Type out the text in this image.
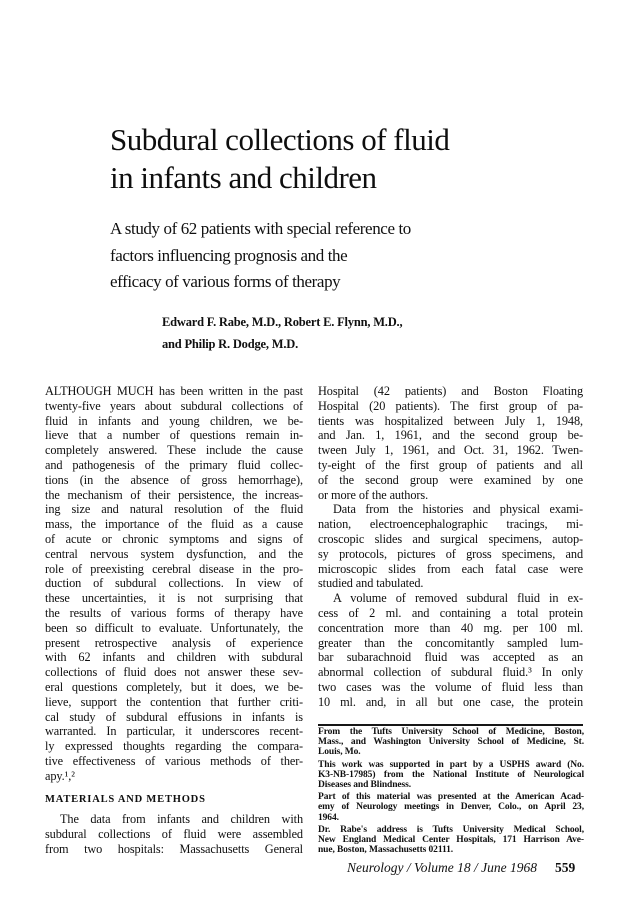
Subdural collections of fluid
in infants and children
A study of 62 patients with special reference to
factors influencing prognosis and the
efficacy of various forms of therapy
Edward F. Rabe, M.D., Robert E. Flynn, M.D.,
and Philip R. Dodge, M.D.
ALTHOUGH MUCH has been written in the past
twenty-five years about subdural collections of
fluid in infants and young children, we be-
lieve that a number of questions remain in-
completely answered. These include the cause
and pathogenesis of the primary fluid collec-
tions (in the absence of gross hemorrhage),
the mechanism of their persistence, the increas-
ing size and natural resolution of the fluid
mass, the importance of the fluid as a cause
of acute or chronic symptoms and signs of
central nervous system dysfunction, and the
role of preexisting cerebral disease in the pro-
duction of subdural collections. In view of
these uncertainties, it is not surprising that
the results of various forms of therapy have
been so difficult to evaluate. Unfortunately, the
present retrospective analysis of experience
with 62 infants and children with subdural
collections of fluid does not answer these sev-
eral questions completely, but it does, we be-
lieve, support the contention that further criti-
cal study of subdural effusions in infants is
warranted. In particular, it underscores recent-
ly expressed thoughts regarding the compara-
tive effectiveness of various methods of ther-
apy.¹,²
MATERIALS AND METHODS
The data from infants and children with
subdural collections of fluid were assembled
from two hospitals: Massachusetts General
Hospital (42 patients) and Boston Floating
Hospital (20 patients). The first group of pa-
tients was hospitalized between July 1, 1948,
and Jan. 1, 1961, and the second group be-
tween July 1, 1961, and Oct. 31, 1962. Twen-
ty-eight of the first group of patients and all
of the second group were examined by one
or more of the authors.
Data from the histories and physical exami-
nation, electroencephalographic tracings, mi-
croscopic slides and surgical specimens, autop-
sy protocols, pictures of gross specimens, and
microscopic slides from each fatal case were
studied and tabulated.
A volume of removed subdural fluid in ex-
cess of 2 ml. and containing a total protein
concentration more than 40 mg. per 100 ml.
greater than the concomitantly sampled lum-
bar subarachnoid fluid was accepted as an
abnormal collection of subdural fluid.³ In only
two cases was the volume of fluid less than
10 ml. and, in all but one case, the protein
From the Tufts University School of Medicine, Boston,
Mass., and Washington University School of Medicine, St.
Louis, Mo.
This work was supported in part by a USPHS award (No.
K3-NB-17985) from the National Institute of Neurological
Diseases and Blindness.
Part of this material was presented at the American Acad-
emy of Neurology meetings in Denver, Colo., on April 23,
1964.
Dr. Rabe's address is Tufts University Medical School,
New England Medical Center Hospitals, 171 Harrison Ave-
nue, Boston, Massachusetts 02111.
Neurology / Volume 18 / June 1968 559
